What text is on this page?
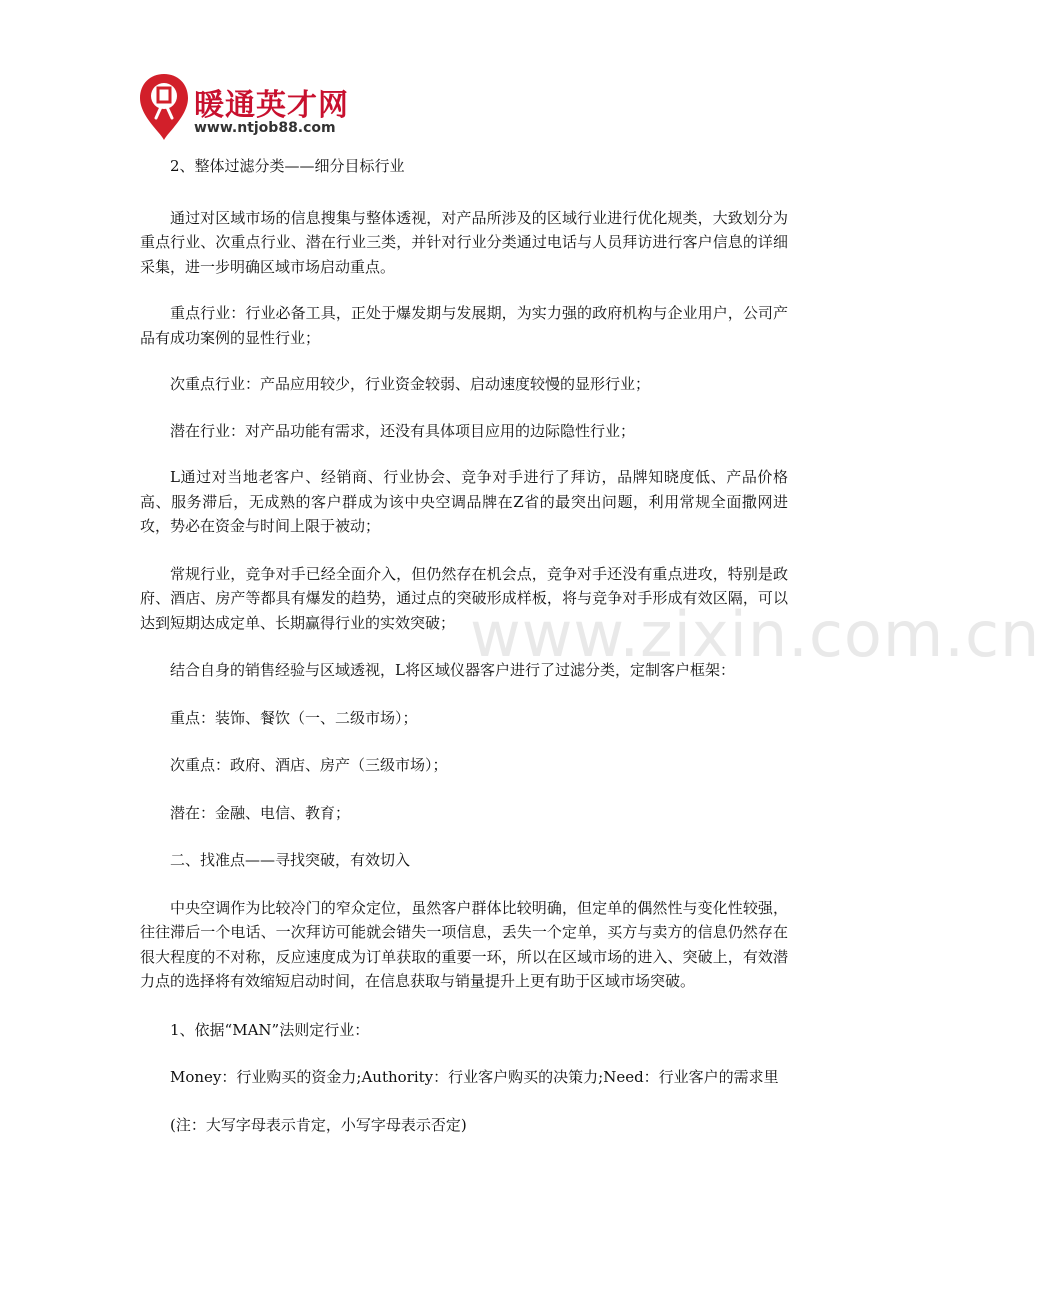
暖通英才网
www.ntjob88.com
www.zixin.com.cn

2、整体过滤分类——细分目标行业

通过对区域市场的信息搜集与整体透视，对产品所涉及的区域行业进行优化规类，大致划分为重点行业、次重点行业、潜在行业三类，并针对行业分类通过电话与人员拜访进行客户信息的详细采集，进一步明确区域市场启动重点。

重点行业：行业必备工具，正处于爆发期与发展期，为实力强的政府机构与企业用户，公司产品有成功案例的显性行业；

次重点行业：产品应用较少，行业资金较弱、启动速度较慢的显形行业；

潜在行业：对产品功能有需求，还没有具体项目应用的边际隐性行业；

L通过对当地老客户、经销商、行业协会、竞争对手进行了拜访，品牌知晓度低、产品价格高、服务滞后，无成熟的客户群成为该中央空调品牌在Z省的最突出问题，利用常规全面撒网进攻，势必在资金与时间上限于被动；

常规行业，竞争对手已经全面介入，但仍然存在机会点，竞争对手还没有重点进攻，特别是政府、酒店、房产等都具有爆发的趋势，通过点的突破形成样板，将与竞争对手形成有效区隔，可以达到短期达成定单、长期赢得行业的实效突破；

结合自身的销售经验与区域透视，L将区域仪器客户进行了过滤分类，定制客户框架：

重点：装饰、餐饮（一、二级市场）；

次重点：政府、酒店、房产（三级市场）；

潜在：金融、电信、教育；

二、找准点——寻找突破，有效切入

中央空调作为比较冷门的窄众定位，虽然客户群体比较明确，但定单的偶然性与变化性较强，往往滞后一个电话、一次拜访可能就会错失一项信息，丢失一个定单，买方与卖方的信息仍然存在很大程度的不对称，反应速度成为订单获取的重要一环，所以在区域市场的进入、突破上，有效潜力点的选择将有效缩短启动时间，在信息获取与销量提升上更有助于区域市场突破。

1、依据“MAN”法则定行业：

Money：行业购买的资金力;Authority：行业客户购买的决策力;Need：行业客户的需求里

(注：大写字母表示肯定，小写字母表示否定)
